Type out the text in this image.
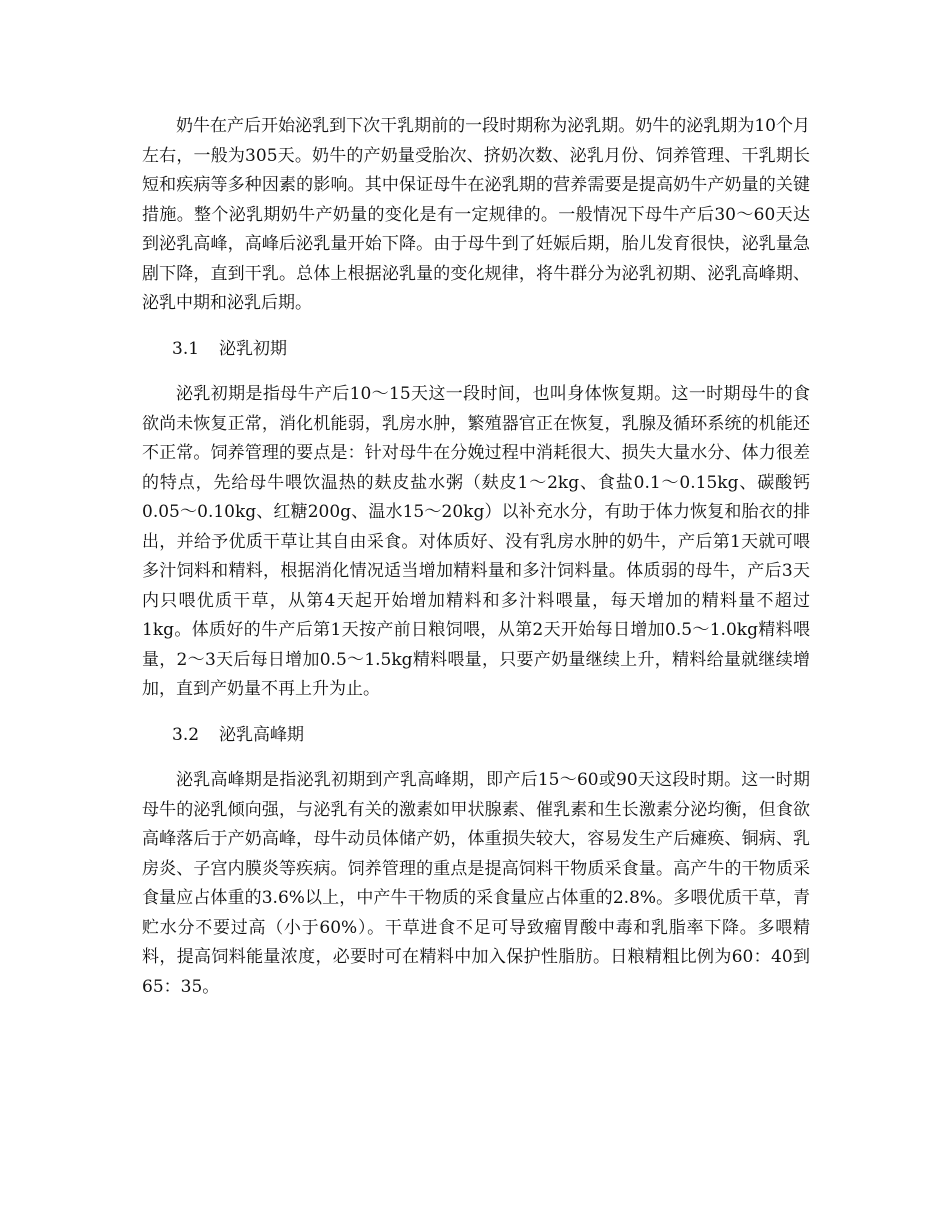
奶牛在产后开始泌乳到下次干乳期前的一段时期称为泌乳期。奶牛的泌乳期为10个月左右，一般为305天。奶牛的产奶量受胎次、挤奶次数、泌乳月份、饲养管理、干乳期长短和疾病等多种因素的影响。其中保证母牛在泌乳期的营养需要是提高奶牛产奶量的关键措施。整个泌乳期奶牛产奶量的变化是有一定规律的。一般情况下母牛产后30～60天达到泌乳高峰，高峰后泌乳量开始下降。由于母牛到了妊娠后期，胎儿发育很快，泌乳量急剧下降，直到干乳。总体上根据泌乳量的变化规律，将牛群分为泌乳初期、泌乳高峰期、泌乳中期和泌乳后期。

3.1 泌乳初期

泌乳初期是指母牛产后10～15天这一段时间，也叫身体恢复期。这一时期母牛的食欲尚未恢复正常，消化机能弱，乳房水肿，繁殖器官正在恢复，乳腺及循环系统的机能还不正常。饲养管理的要点是：针对母牛在分娩过程中消耗很大、损失大量水分、体力很差的特点，先给母牛喂饮温热的麸皮盐水粥（麸皮1～2kg、食盐0.1～0.15kg、碳酸钙0.05～0.10kg、红糖200g、温水15～20kg）以补充水分，有助于体力恢复和胎衣的排出，并给予优质干草让其自由采食。对体质好、没有乳房水肿的奶牛，产后第1天就可喂多汁饲料和精料，根据消化情况适当增加精料量和多汁饲料量。体质弱的母牛，产后3天内只喂优质干草，从第4天起开始增加精料和多汁料喂量，每天增加的精料量不超过1kg。体质好的牛产后第1天按产前日粮饲喂，从第2天开始每日增加0.5～1.0kg精料喂量，2～3天后每日增加0.5～1.5kg精料喂量，只要产奶量继续上升，精料给量就继续增加，直到产奶量不再上升为止。

3.2 泌乳高峰期

泌乳高峰期是指泌乳初期到产乳高峰期，即产后15～60或90天这段时期。这一时期母牛的泌乳倾向强，与泌乳有关的激素如甲状腺素、催乳素和生长激素分泌均衡，但食欲高峰落后于产奶高峰，母牛动员体储产奶，体重损失较大，容易发生产后瘫痪、铜病、乳房炎、子宫内膜炎等疾病。饲养管理的重点是提高饲料干物质采食量。高产牛的干物质采食量应占体重的3.6%以上，中产牛干物质的采食量应占体重的2.8%。多喂优质干草，青贮水分不要过高（小于60%）。干草进食不足可导致瘤胃酸中毒和乳脂率下降。多喂精料，提高饲料能量浓度，必要时可在精料中加入保护性脂肪。日粮精粗比例为60：40到65：35。
